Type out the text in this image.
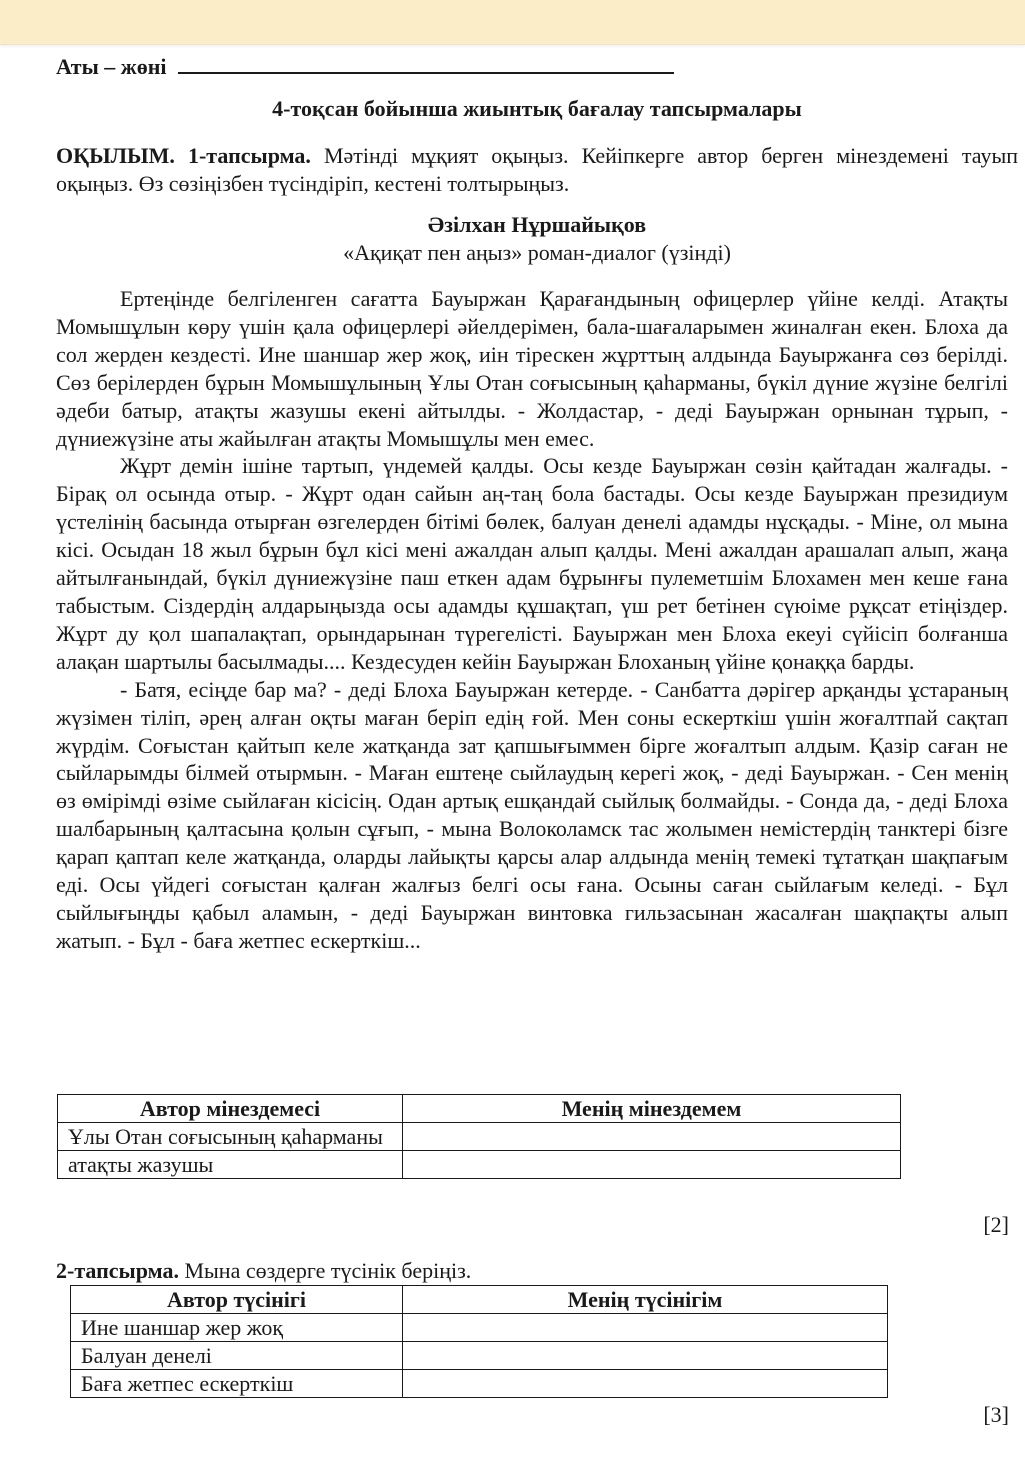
Аты – жөні
4-тоқсан бойынша жиынтық бағалау тапсырмалары
ОҚЫЛЫМ. 1-тапсырма. Мәтінді мұқият оқыңыз. Кейіпкерге автор берген мінездемені тауып оқыңыз. Өз сөзіңізбен түсіндіріп, кестені толтырыңыз.
Әзілхан Нұршайықов
«Ақиқат пен аңыз» роман-диалог (үзінді)

Ертеңінде белгіленген сағатта Бауыржан Қарағандының офицерлер үйіне келді. Атақты Момышұлын көру үшін қала офицерлері әйелдерімен, бала-шағаларымен жиналған екен. Блоха да сол жерден кездесті. Ине шаншар жер жоқ, иін тірескен жұрттың алдында Бауыржанға сөз берілді. Сөз берілерден бұрын Момышұлының Ұлы Отан соғысының қаһарманы, бүкіл дүние жүзіне белгілі әдеби батыр, атақты жазушы екені айтылды. - Жолдастар, - деді Бауыржан орнынан тұрып, - дүниежүзіне аты жайылған атақты Момышұлы мен емес.

Жұрт демін ішіне тартып, үндемей қалды. Осы кезде Бауыржан сөзін қайтадан жалғады. - Бірақ ол осында отыр. - Жұрт одан сайын аң-таң бола бастады. Осы кезде Бауыржан президиум үстелінің басында отырған өзгелерден бітімі бөлек, балуан денелі адамды нұсқады. - Міне, ол мына кісі. Осыдан 18 жыл бұрын бұл кісі мені ажалдан алып қалды. Мені ажалдан арашалап алып, жаңа айтылғанындай, бүкіл дүниежүзіне паш еткен адам бұрынғы пулеметшім Блохамен мен кеше ғана табыстым. Сіздердің алдарыңызда осы адамды құшақтап, үш рет бетінен сүюіме рұқсат етіңіздер. Жұрт ду қол шапалақтап, орындарынан түрегелісті. Бауыржан мен Блоха екеуі сүйісіп болғанша алақан шартылы басылмады.... Кездесуден кейін Бауыржан Блоханың үйіне қонаққа барды.

- Батя, есіңде бар ма? - деді Блоха Бауыржан кетерде. - Санбатта дәрігер арқанды ұстараның жүзімен тіліп, әрең алған оқты маған беріп едің ғой. Мен соны ескерткіш үшін жоғалтпай сақтап жүрдім. Соғыстан қайтып келе жатқанда зат қапшығыммен бірге жоғалтып алдым. Қазір саған не сыйларымды білмей отырмын. - Маған ештеңе сыйлаудың керегі жоқ, - деді Бауыржан. - Сен менің өз өмірімді өзіме сыйлаған кісісің. Одан артық ешқандай сыйлық болмайды. - Сонда да, - деді Блоха шалбарының қалтасына қолын сұғып, - мына Волоколамск тас жолымен немістердің танктері бізге қарап қаптап келе жатқанда, оларды лайықты қарсы алар алдында менің темекі тұтатқан шақпағым еді. Осы үйдегі соғыстан қалған жалғыз белгі осы ғана. Осыны саған сыйлағым келеді. - Бұл сыйлығыңды қабыл аламын, - деді Бауыржан винтовка гильзасынан жасалған шақпақты алып жатып. - Бұл - баға жетпес ескерткіш...

[2]
2-тапсырма. Мына сөздерге түсінік беріңіз.
[3]
Автор мінездемесі	Менің мінездемем
Ұлы Отан соғысының қаһарманы	
атақты жазушы	
Автор түсінігі	Менің түсінігім
Ине шаншар жер жоқ	
Балуан денелі	
Баға жетпес ескерткіш	
